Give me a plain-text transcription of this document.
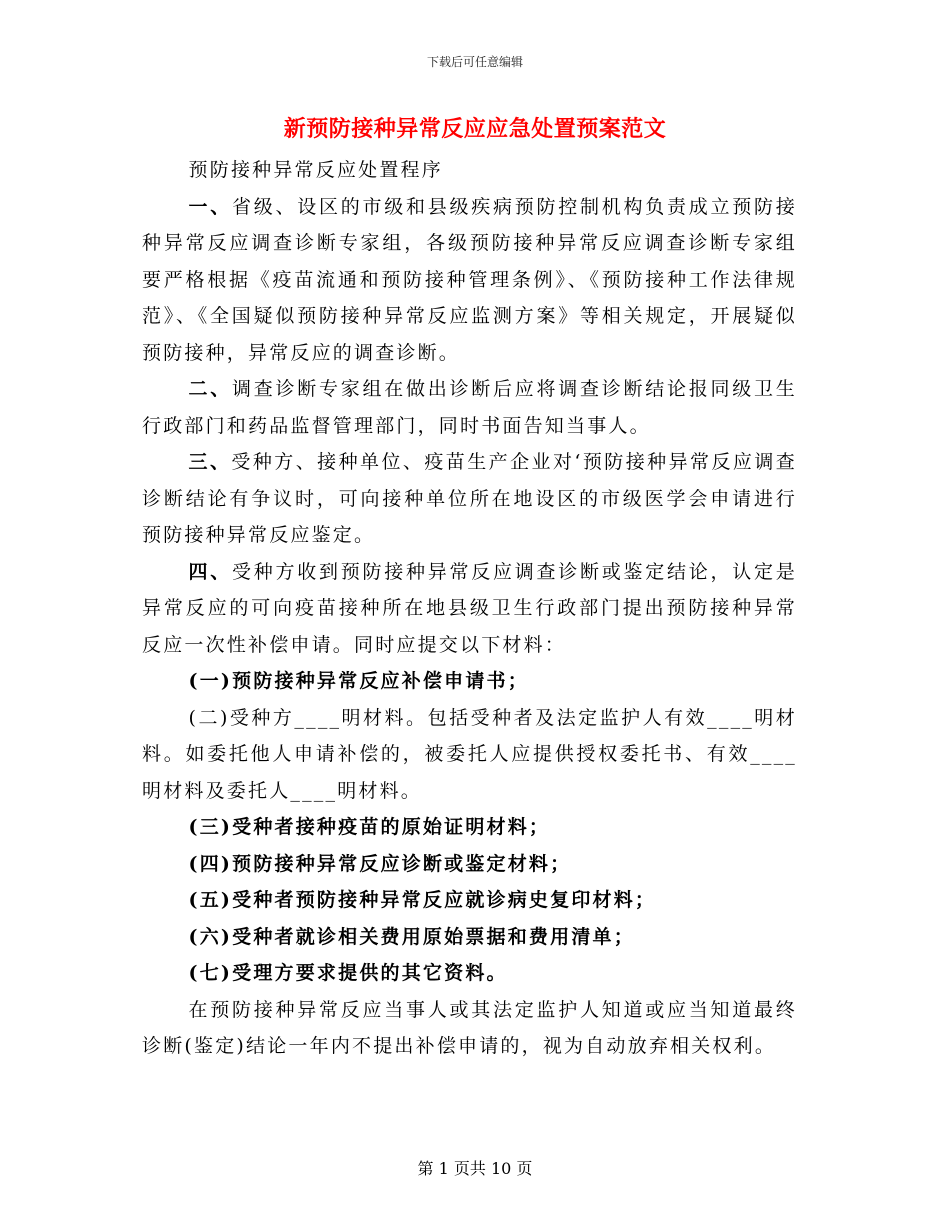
下载后可任意编辑
新预防接种异常反应应急处置预案范文

预防接种异常反应处置程序

一、省级、设区的市级和县级疾病预防控制机构负责成立预防接种异常反应调查诊断专家组，各级预防接种异常反应调查诊断专家组要严格根据《疫苗流通和预防接种管理条例》、《预防接种工作法律规范》、《全国疑似预防接种异常反应监测方案》等相关规定，开展疑似预防接种，异常反应的调查诊断。

二、调查诊断专家组在做出诊断后应将调查诊断结论报同级卫生行政部门和药品监督管理部门，同时书面告知当事人。

三、受种方、接种单位、疫苗生产企业对‘预防接种异常反应调查诊断结论有争议时，可向接种单位所在地设区的市级医学会申请进行预防接种异常反应鉴定。

四、受种方收到预防接种异常反应调查诊断或鉴定结论，认定是异常反应的可向疫苗接种所在地县级卫生行政部门提出预防接种异常反应一次性补偿申请。同时应提交以下材料：

(一)预防接种异常反应补偿申请书；

(二)受种方____明材料。包括受种者及法定监护人有效____明材料。如委托他人申请补偿的，被委托人应提供授权委托书、有效____明材料及委托人____明材料。

(三)受种者接种疫苗的原始证明材料；

(四)预防接种异常反应诊断或鉴定材料；

(五)受种者预防接种异常反应就诊病史复印材料；

(六)受种者就诊相关费用原始票据和费用清单；

(七)受理方要求提供的其它资料。

在预防接种异常反应当事人或其法定监护人知道或应当知道最终诊断(鉴定)结论一年内不提出补偿申请的，视为自动放弃相关权利。

第 1 页共 10 页
